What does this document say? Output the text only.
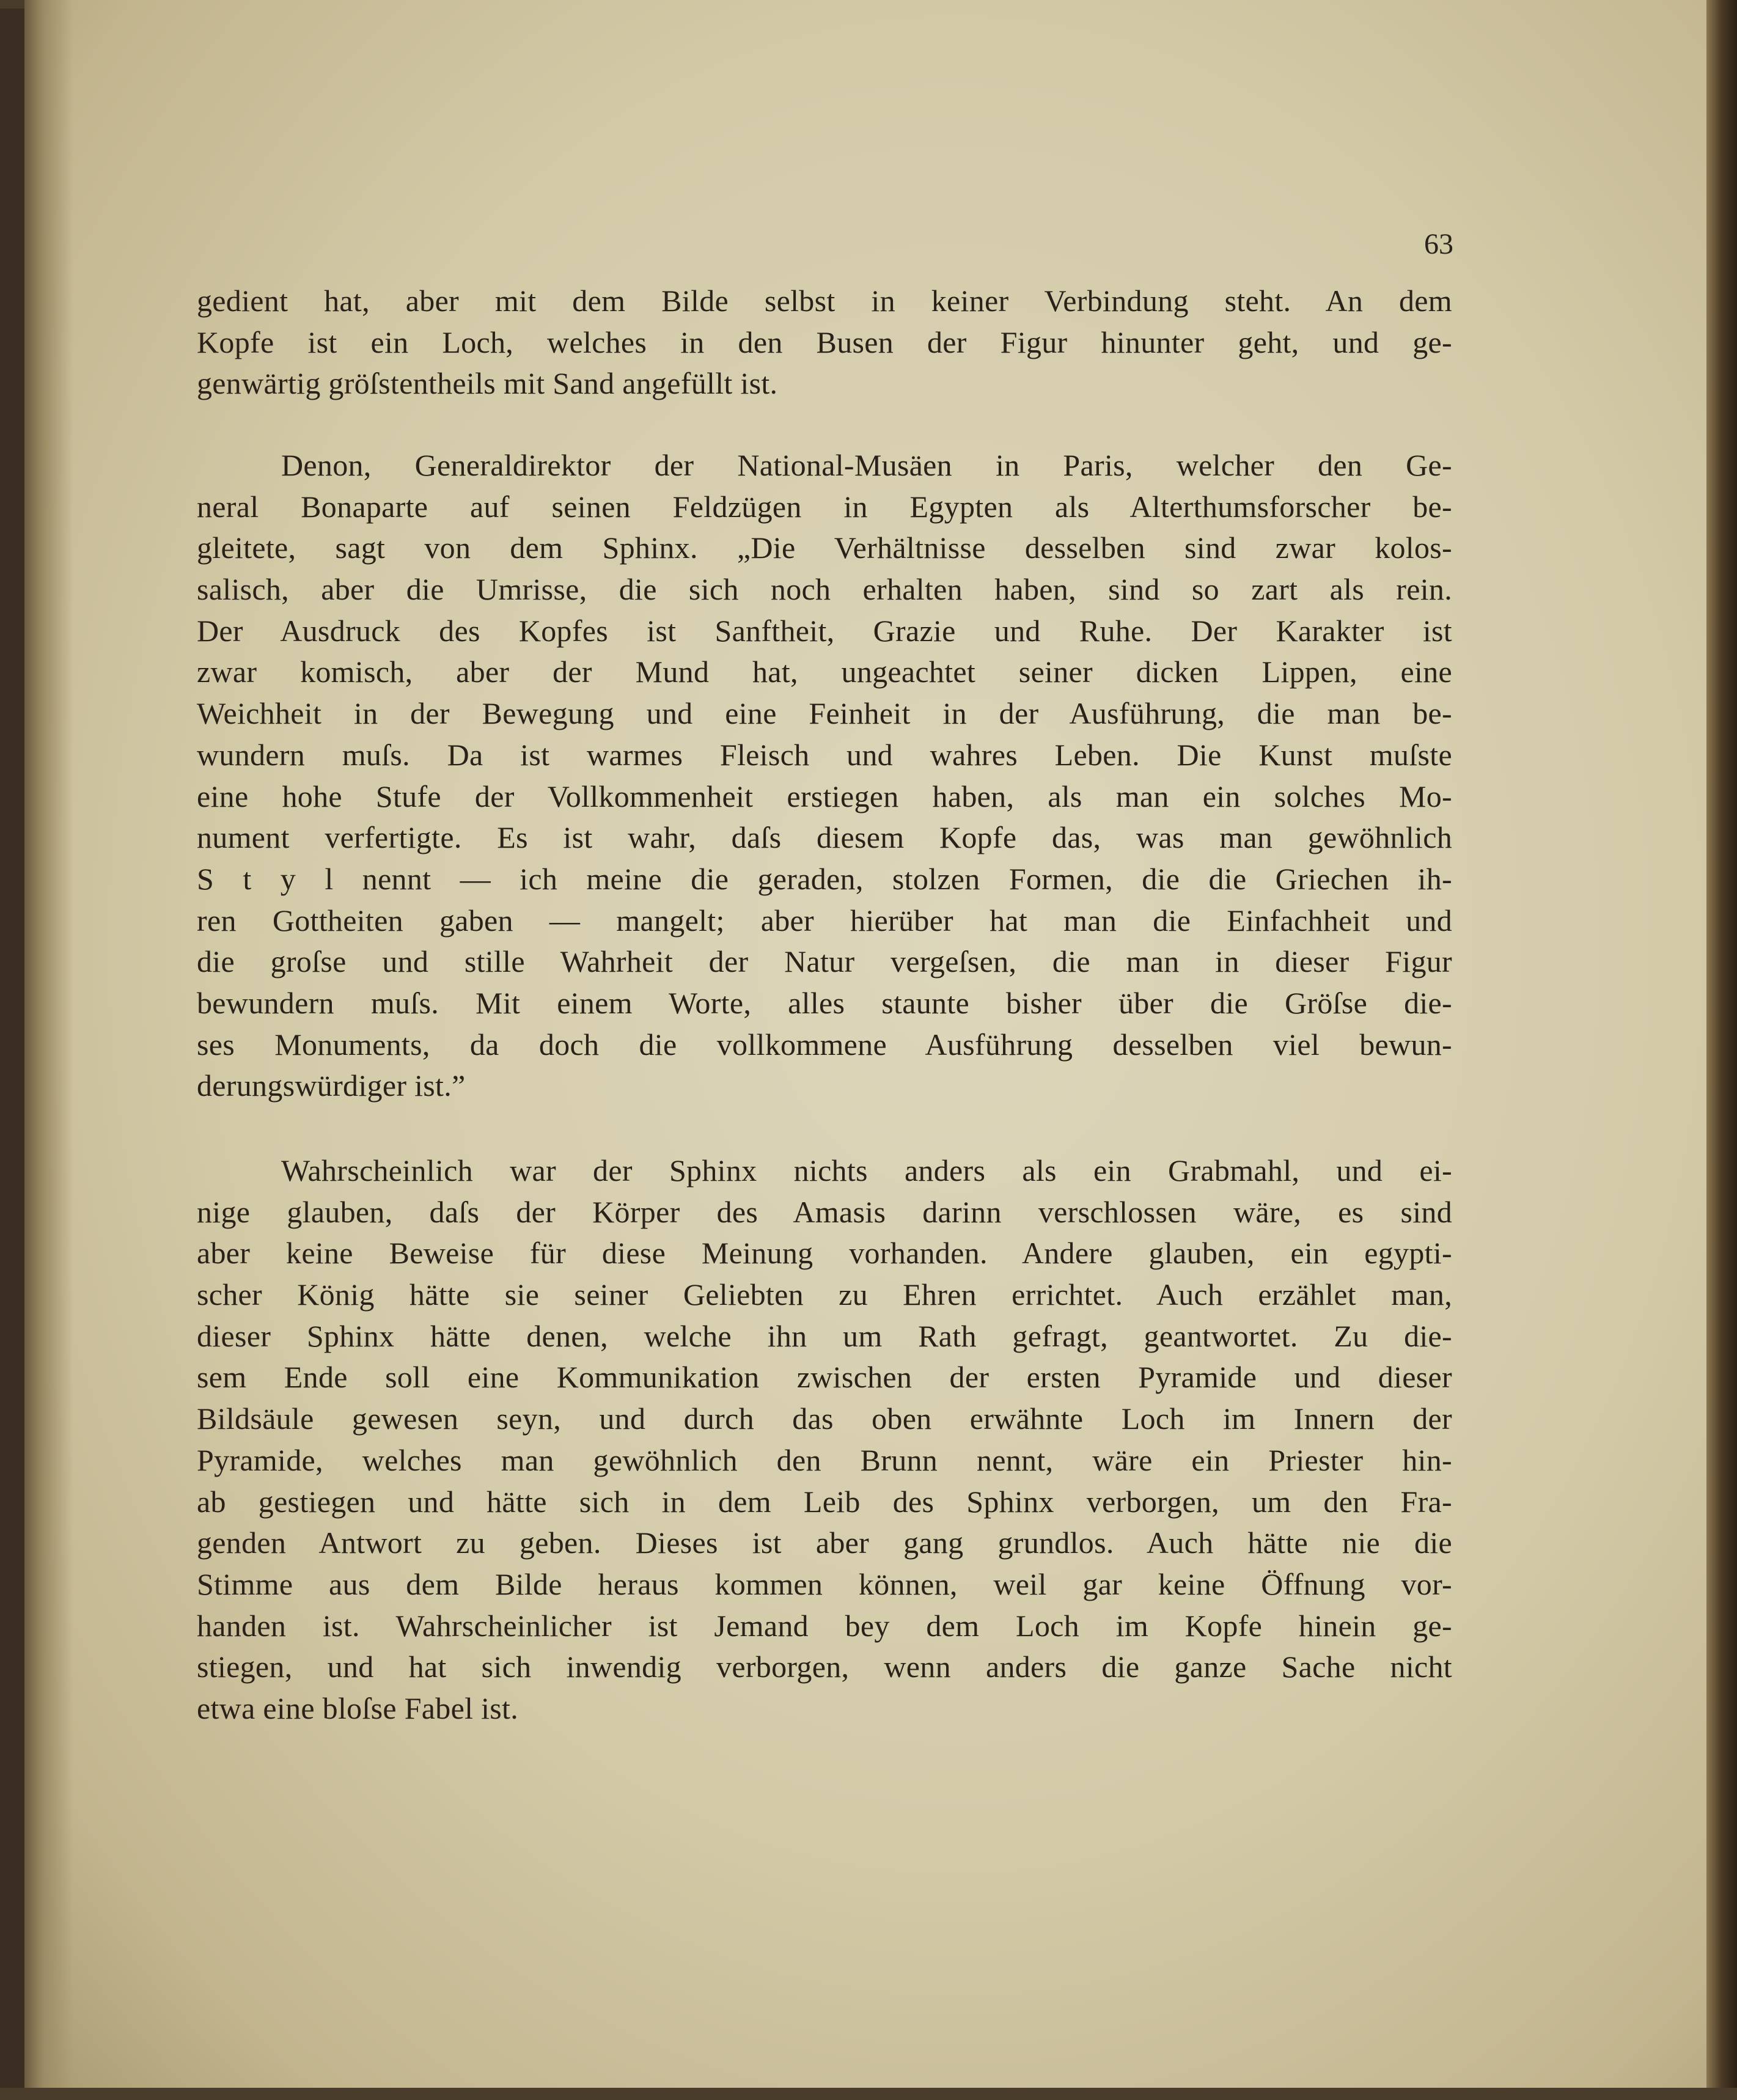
63
gedient hat, aber mit dem Bilde selbst in keiner Verbindung steht. An dem
Kopfe ist ein Loch, welches in den Busen der Figur hinunter geht, und ge-
genwärtig gröſstentheils mit Sand angefüllt ist.
Denon, Generaldirektor der National-Musäen in Paris, welcher den Ge-
neral Bonaparte auf seinen Feldzügen in Egypten als Alterthumsforscher be-
gleitete, sagt von dem Sphinx. „Die Verhältnisse desselben sind zwar kolos-
salisch, aber die Umrisse, die sich noch erhalten haben, sind so zart als rein.
Der Ausdruck des Kopfes ist Sanftheit, Grazie und Ruhe. Der Karakter ist
zwar komisch, aber der Mund hat, ungeachtet seiner dicken Lippen, eine
Weichheit in der Bewegung und eine Feinheit in der Ausführung, die man be-
wundern muſs. Da ist warmes Fleisch und wahres Leben. Die Kunst muſste
eine hohe Stufe der Vollkommenheit erstiegen haben, als man ein solches Mo-
nument verfertigte. Es ist wahr, daſs diesem Kopfe das, was man gewöhnlich
S t y l nennt — ich meine die geraden, stolzen Formen, die die Griechen ih-
ren Gottheiten gaben — mangelt; aber hierüber hat man die Einfachheit und
die groſse und stille Wahrheit der Natur vergeſsen, die man in dieser Figur
bewundern muſs. Mit einem Worte, alles staunte bisher über die Gröſse die-
ses Monuments, da doch die vollkommene Ausführung desselben viel bewun-
derungswürdiger ist.”
Wahrscheinlich war der Sphinx nichts anders als ein Grabmahl, und ei-
nige glauben, daſs der Körper des Amasis darinn verschlossen wäre, es sind
aber keine Beweise für diese Meinung vorhanden. Andere glauben, ein egypti-
scher König hätte sie seiner Geliebten zu Ehren errichtet. Auch erzählet man,
dieser Sphinx hätte denen, welche ihn um Rath gefragt, geantwortet. Zu die-
sem Ende soll eine Kommunikation zwischen der ersten Pyramide und dieser
Bildsäule gewesen seyn, und durch das oben erwähnte Loch im Innern der
Pyramide, welches man gewöhnlich den Brunn nennt, wäre ein Priester hin-
ab gestiegen und hätte sich in dem Leib des Sphinx verborgen, um den Fra-
genden Antwort zu geben. Dieses ist aber gang grundlos. Auch hätte nie die
Stimme aus dem Bilde heraus kommen können, weil gar keine Öffnung vor-
handen ist. Wahrscheinlicher ist Jemand bey dem Loch im Kopfe hinein ge-
stiegen, und hat sich inwendig verborgen, wenn anders die ganze Sache nicht
etwa eine bloſse Fabel ist.
